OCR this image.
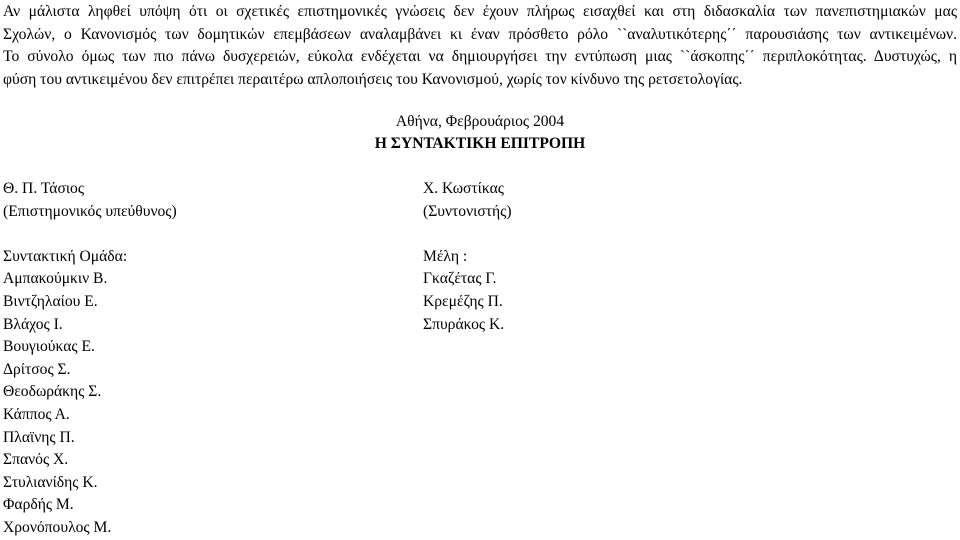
Αν μάλιστα ληφθεί υπόψη ότι οι σχετικές επιστημονικές γνώσεις δεν έχουν πλήρως εισαχθεί και στη διδασκαλία των πανεπιστημιακών μας
Σχολών, ο Κανονισμός των δομητικών επεμβάσεων αναλαμβάνει κι έναν πρόσθετο ρόλο ``αναλυτικότερης΄΄ παρουσιάσης των αντικειμένων.
Το σύνολο όμως των πιο πάνω δυσχερειών, εύκολα ενδέχεται να δημιουργήσει την εντύπωση μιας ``άσκοπης΄΄ περιπλοκότητας. Δυστυχώς, η
φύση του αντικειμένου δεν επιτρέπει περαιτέρω απλοποιήσεις του Κανονισμού, χωρίς τον κίνδυνο της ρετσετολογίας.
Αθήνα, Φεβρουάριος 2004
Η ΣΥΝΤΑΚΤΙΚΗ ΕΠΙΤΡΟΠΗ
Θ. Π. Τάσιος
(Επιστημονικός υπεύθυνος)
Συντακτική Ομάδα:
Αμπακούμκιν Β.
Βιντζηλαίου Ε.
Βλάχος Ι.
Βουγιούκας Ε.
Δρίτσος Σ.
Θεοδωράκης Σ.
Κάππος Α.
Πλαϊνης Π.
Σπανός Χ.
Στυλιανίδης Κ.
Φαρδής Μ.
Χρονόπουλος Μ.
Χ. Κωστίκας
(Συντονιστής)
Μέλη :
Γκαζέτας Γ.
Κρεμέζης Π.
Σπυράκος Κ.
